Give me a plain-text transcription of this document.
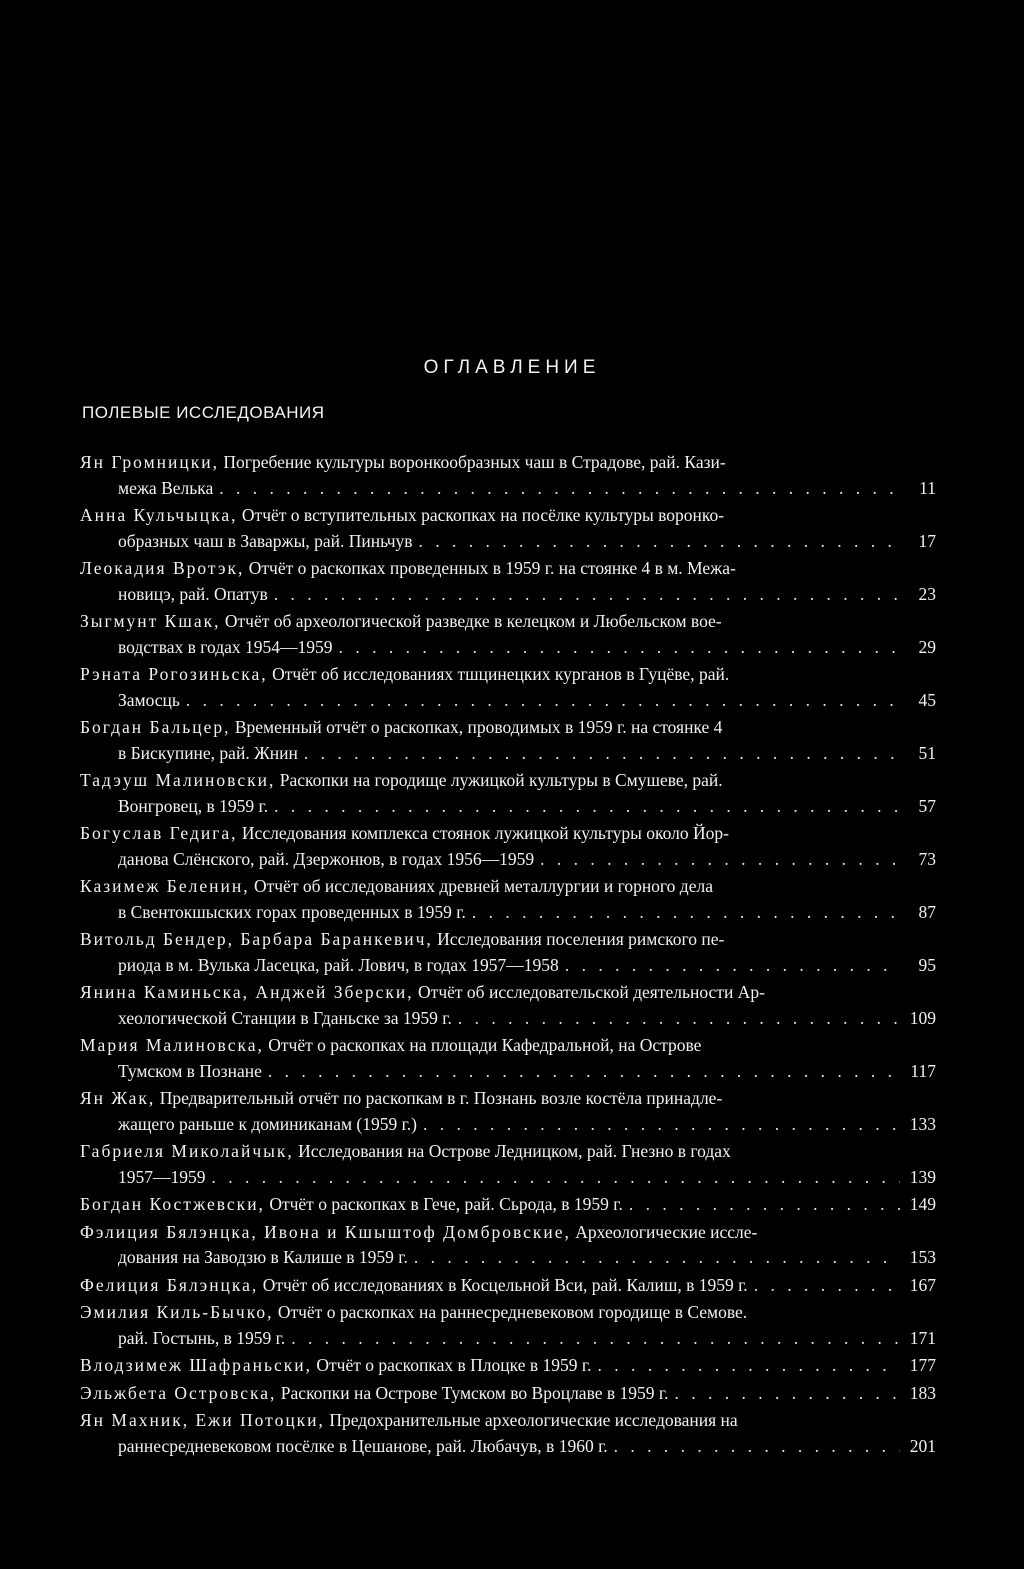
ОГЛАВЛЕНИЕ
ПОЛЕВЫЕ ИССЛЕДОВАНИЯ
Ян Громницки, Погребение культуры воронкообразных чаш в Страдове, рай. Кази-
межа Велька . . .	11
Анна Кульчыцка, Отчёт о вступительных раскопках на посёлке культуры воронко-
образных чаш в Заваржы, рай. Пиньчув . . .	17
Леокадия Вротэк, Отчёт о раскопках проведенных в 1959 г. на стоянке 4 в м. Межа-
новицэ, рай. Опатув . . .	23
Зыгмунт Кшак, Отчёт об археологической разведке в келецком и Любельском вое-
водствах в годах 1954—1959 . . .	29
Рэната Рогозиньска, Отчёт об исследованиях тшцинецких курганов в Гуцёве, рай.
Замосць . . .	45
Богдан Бальцер, Временный отчёт о раскопках, проводимых в 1959 г. на стоянке 4
в Бискупине, рай. Жнин . . .	51
Тадэуш Малиновски, Раскопки на городище лужицкой культуры в Смушеве, рай.
Вонгровец, в 1959 г. . . .	57
Богуслав Гедига, Исследования комплекса стоянок лужицкой культуры около Йор-
данова Слёнского, рай. Дзержонюв, в годах 1956—1959 . . .	73
Казимеж Беленин, Отчёт об исследованиях древней металлургии и горного дела
в Свентокшыских горах проведенных в 1959 г. . . .	87
Витольд Бендер, Барбара Баранкевич, Исследования поселения римского пе-
риода в м. Вулька Ласецка, рай. Лович, в годах 1957—1958 . . .	95
Янина Каминьска, Анджей Зберски, Отчёт об исследовательской деятельности Ар-
хеологической Станции в Гданьске за 1959 г. . . .	109
Мария Малиновска, Отчёт о раскопках на площади Кафедральной, на Острове
Тумском в Познане . . .	117
Ян Жак, Предварительный отчёт по раскопкам в г. Познань возле костёла принадле-
жащего раньше к доминиканам (1959 г.) . . .	133
Габриеля Миколайчык, Исследования на Острове Ледницком, рай. Гнезно в годах
1957—1959 . . .	139
Богдан Костжевски, Отчёт о раскопках в Гече, рай. Сьрода, в 1959 г. . . .	149
Фэлиция Бялэнцка, Ивона и Кшыштоф Домбровские, Археологические иссле-
дования на Заводзю в Калише в 1959 г. . . .	153
Фелиция Бялэнцка, Отчёт об исследованиях в Косцельной Вси, рай. Калиш, в 1959 г. . . .	167
Эмилия Киль-Бычко, Отчёт о раскопках на раннесредневековом городище в Семове.
рай. Гостынь, в 1959 г. . . .	171
Влодзимеж Шафраньски, Отчёт о раскопках в Плоцке в 1959 г. . . .	177
Эльжбета Островска, Раскопки на Острове Тумском во Вроцлаве в 1959 г. . . .	183
Ян Махник, Ежи Потоцки, Предохранительные археологические исследования на
раннесредневековом посёлке в Цешанове, рай. Любачув, в 1960 г. . . .	201
